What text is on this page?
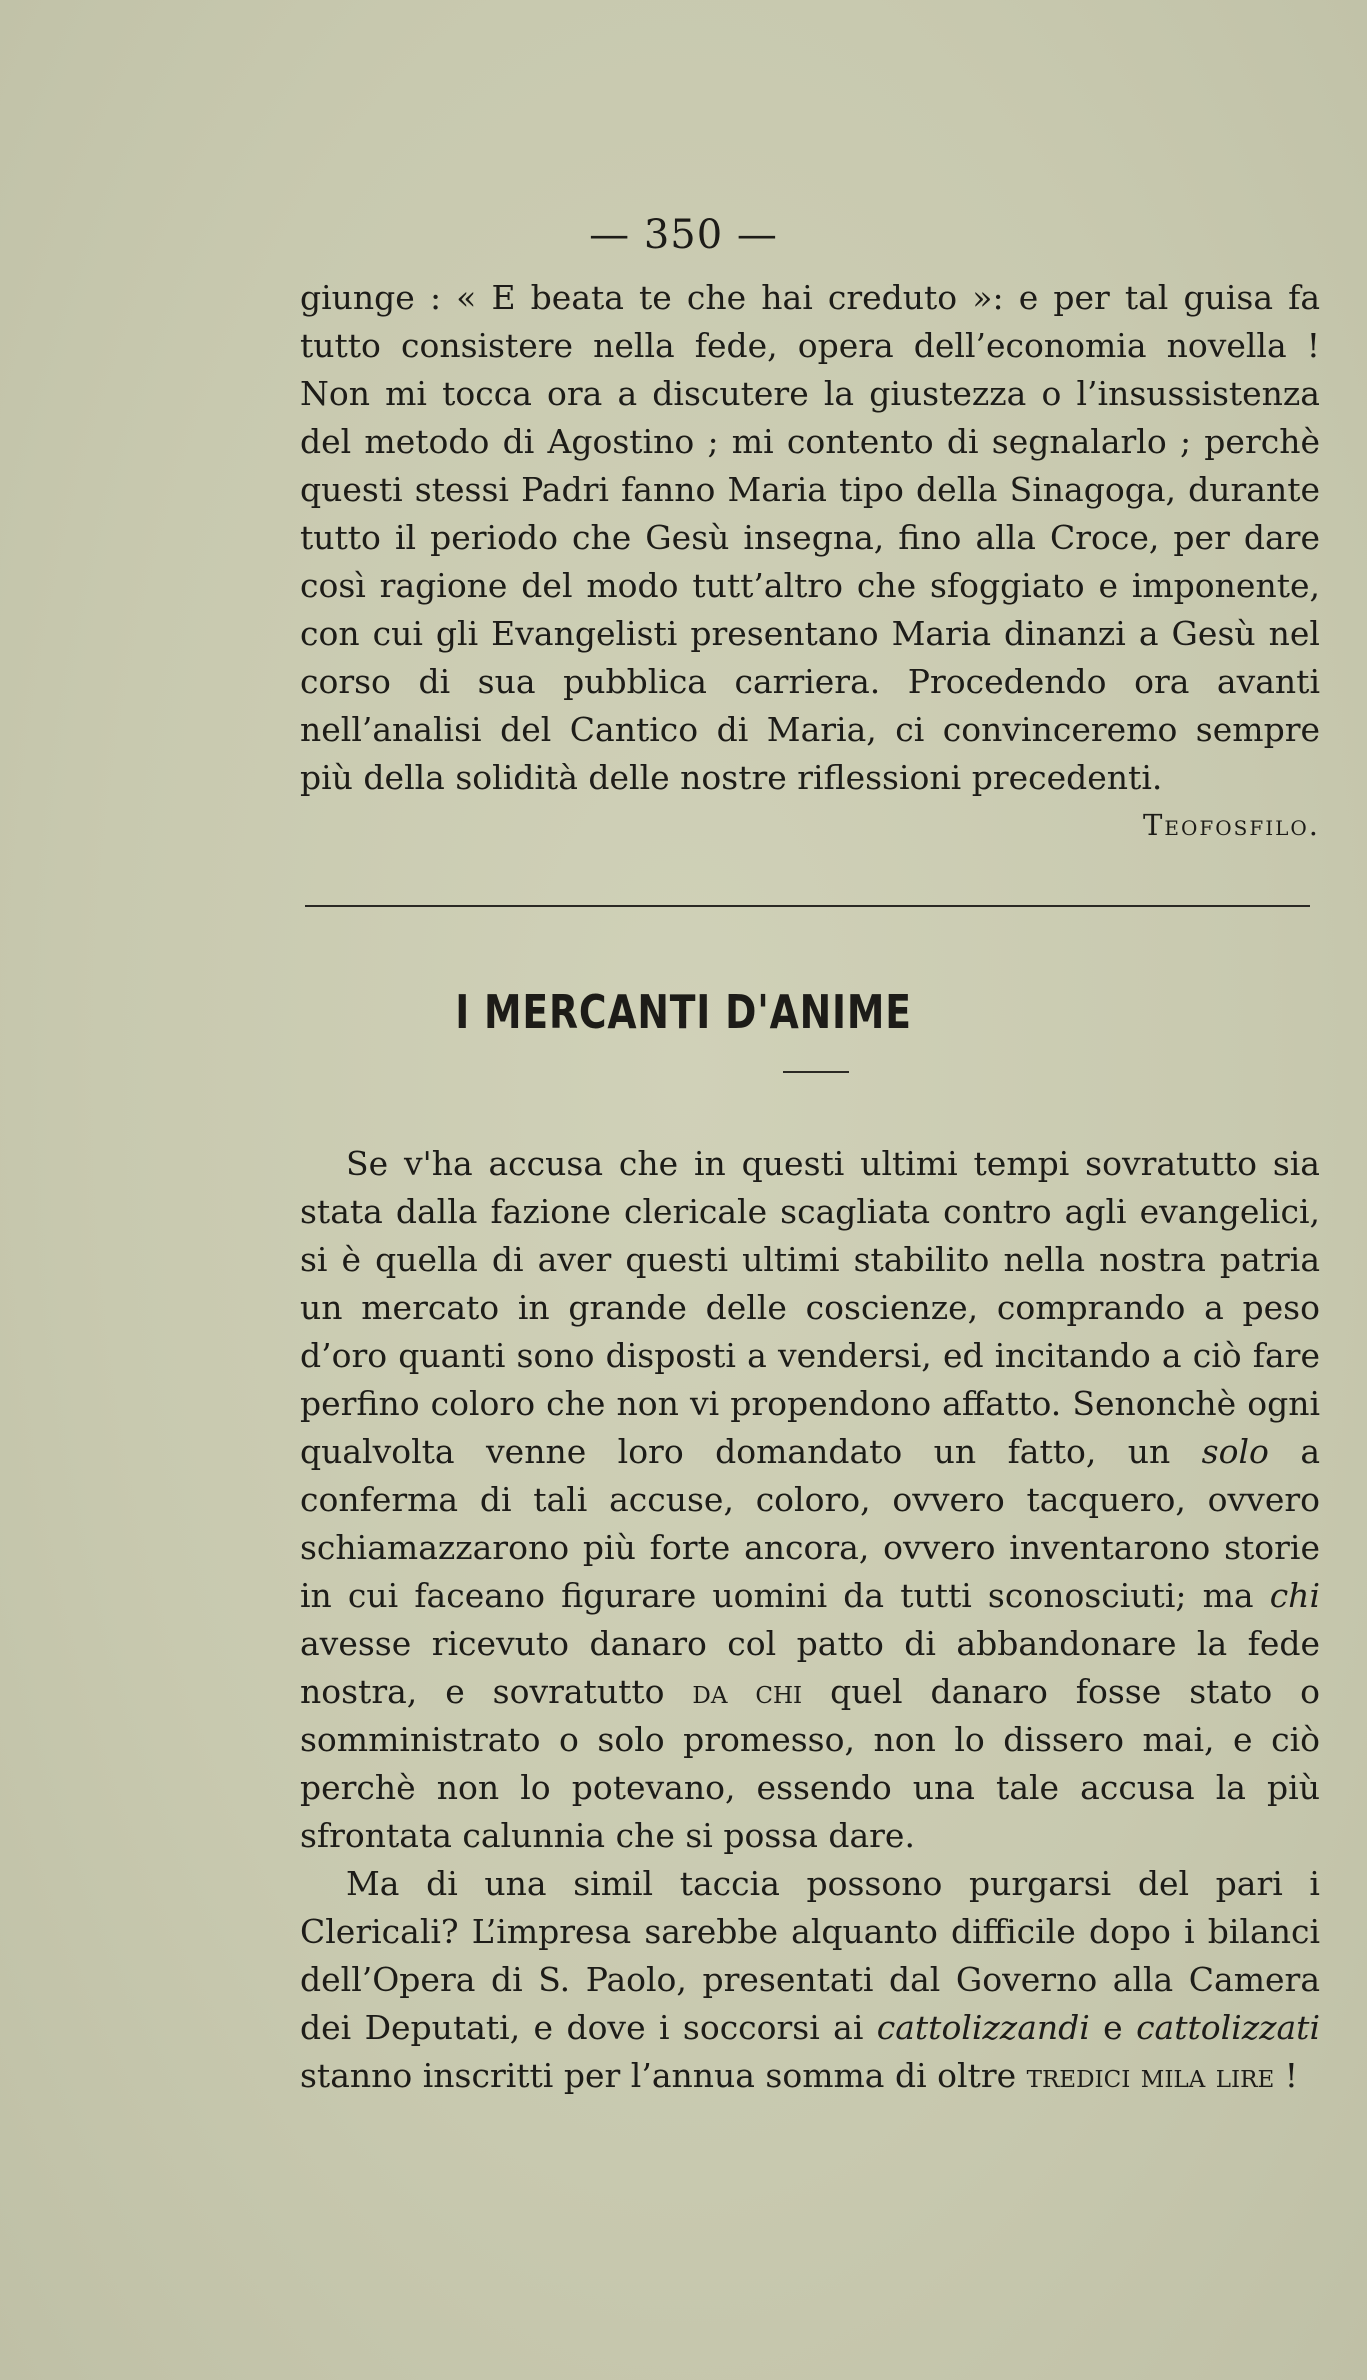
— 350 —

giunge : « E beata te che hai creduto »: e per tal guisa fa tutto consistere nella fede, opera dell’economia novella ! Non mi tocca ora a discutere la giustezza o l’insussistenza del metodo di Agostino ; mi contento di segnalarlo ; perchè questi stessi Padri fanno Maria tipo della Sinagoga, durante tutto il periodo che Gesù insegna, fino alla Croce, per dare così ragione del modo tutt’altro che sfoggiato e imponente, con cui gli Evangelisti presentano Maria dinanzi a Gesù nel corso di sua pubblica carriera. Procedendo ora avanti nell’analisi del Cantico di Maria, ci convinceremo sempre più della solidità delle nostre riflessioni precedenti.

Teofosfilo.
I MERCANTI D'ANIME

Se v'ha accusa che in questi ultimi tempi sovratutto sia stata dalla fazione clericale scagliata contro agli evangelici, si è quella di aver questi ultimi stabilito nella nostra patria un mercato in grande delle coscienze, comprando a peso d’oro quanti sono disposti a vendersi, ed incitando a ciò fare perfino coloro che non vi propendono affatto. Senonchè ogni qualvolta venne loro domandato un fatto, un solo a conferma di tali accuse, coloro, ovvero tacquero, ovvero schiamazzarono più forte ancora, ovvero inventarono storie in cui faceano figurare uomini da tutti sconosciuti; ma chi avesse ricevuto danaro col patto di abbandonare la fede nostra, e sovratutto da chi quel danaro fosse stato o somministrato o solo promesso, non lo dissero mai, e ciò perchè non lo potevano, essendo una tale accusa la più sfrontata calunnia che si possa dare.

Ma di una simil taccia possono purgarsi del pari i Clericali? L’impresa sarebbe alquanto difficile dopo i bilanci dell’Opera di S. Paolo, presentati dal Governo alla Camera dei Deputati, e dove i soccorsi ai cattolizzandi e cattolizzati stanno inscritti per l’annua somma di oltre tredici mila lire !
